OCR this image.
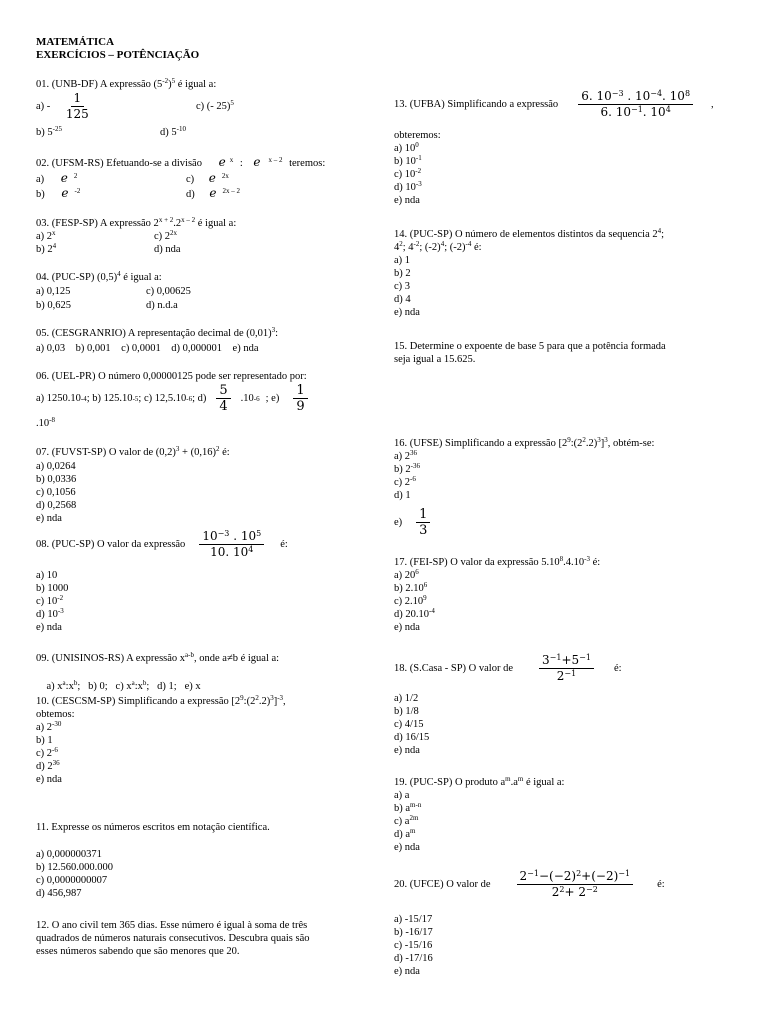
MATEMÁTICA
EXERCÍCIOS – POTÊNCIAÇÃO
01. (UNB-DF) A expressão $(5^{-2})^5$ é igual a:
$a) - \frac{1}{125}$	c) (- 25)$^5$
b) $5^{-25}$	d) $5^{-10}$
02. (UFSM-RS) Efetuando-se a divisão e $^x$ : e $^{x - 2}$ teremos:
a) e $^2$	c) e $^{2x}$
b) e $^{-2}$	d) e $^{2x - 2}$
03. (FESP-SP) A expressão $2^{x + 2}.2^{x - 2}$ é igual a:
a) 2$^x$	c) $2^{2x}$
b) $2^4$	d) nda
04. (PUC-SP) $(0,5)^4$ é igual a:
a) 0,125	c) 0,00625
b) 0,625	d) n.d.a
05. (CESGRANRIO) A representação decimal de $(0,01)^3$:
a) 0,03    b) 0,001    c) 0,0001    d) 0,000001    e) nda
06. (UEL-PR) O número 0,00000125 pode ser representado por:
a) 1250.10 -4 ; b) 125.10 -5 ; c) 12,5.10 -6 ; $d) \frac{5}{4} .10$ -6 ; $e) \frac{1}{9}$
$.10^{-8}$
07. (FUVST-SP) O valor de $(0,2)^3 + (0,16)^2$ é:
a) 0,0264
b) 0,0336
c) 0,1056
d) 0,2568
e) nda
08. (PUC-SP) O valor da expressão $\frac{10^{-3} . 10^5}{10. 10^4}$ é:
a) 10
b) 1000
c) $10^{-2}$
d) $10^{-3}$
e) nda
09. (UNISINOS-RS) A expressão $x^{a-b}$, onde a≠b é igual a:

a) $x^a:x^b$;   b) 0;   c) $x^a:x^b$;   d) 1;   e) x

10. (CESCSM-SP) Simplificando a expressão $[2^9:(2^2.2)^3]^{-3}$,
obtemos:
a) $2^{-30}$
b) 1
c) $2^{-6}$
d) $2^{36}$
e) nda
11. Expresse os números escritos em notação científica.
a) 0,000000371
b) 12.560.000.000
c) 0,0000000007
d) 456,987
12. O ano civil tem 365 dias. Esse número é igual à soma de três
quadrados de números naturais consecutivos. Descubra quais são
esses números sabendo que são menores que 20.
13. (UFBA) Simplificando a expressão $\frac{6. 10^{-3} . 10^{-4}. 10^8}{6. 10^{-1}. 10^4}$ ,
obteremos:
a) $10^0$
b) $10^{-1}$
c) $10^{-2}$
d) $10^{-3}$
e) nda
14. (PUC-SP) O número de elementos distintos da sequencia $2^4$;
$4^2$; $4^{-2}$; $(-2)^4$; $(-2)^{-4}$ é:
a) 1
b) 2
c) 3
d) 4
e) nda
15. Determine o expoente de base 5 para que a potência formada
seja igual a 15.625.
16. (UFSE) Simplificando a expressão $[2^9:(2^2.2)^3]^3$, obtém-se:
a) $2^{36}$
b) $2^{-36}$
c) $2^{-6}$
d) 1
$e) \frac{1}{3}$
17. (FEI-SP) O valor da expressão $5.10^8.4.10^{-3}$ é:
a) $20^6$
b) 2.10$^6$
c) 2.10$^9$
d) $20.10^{-4}$
e) nda
18. (S.Casa - SP) O valor de $\frac{3^{-1}+5^{-1}}{2^{-1}}$ é:
a) 1/2
b) 1/8
c) 4/15
d) 16/15
e) nda
19. (PUC-SP) O produto $a^m.a^m$ é igual a:
a) a
b) $a^{m-n}$
c) $a^{2m}$
d) $a^m$
e) nda
20. (UFCE) O valor de $\frac{2^{-1}-(-2)^2+(-2)^{-1}}{2^2+ 2^{-2}}$ é:
a) -15/17
b) -16/17
c) -15/16
d) -17/16
e) nda
